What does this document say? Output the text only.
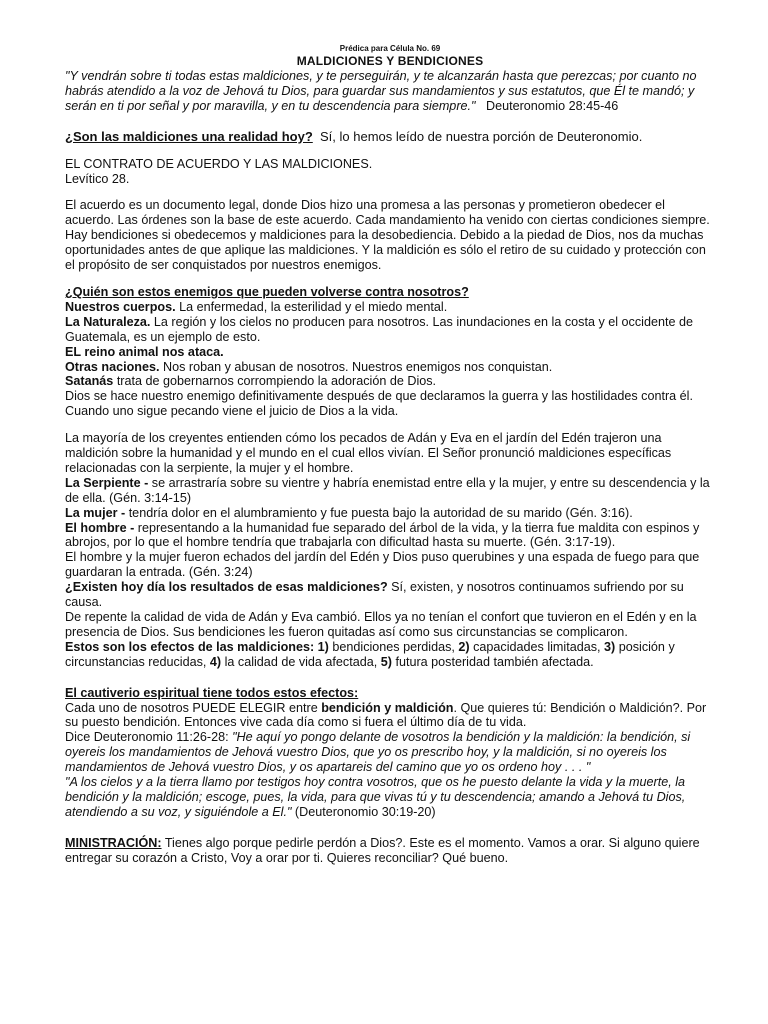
Prédica para Célula No. 69
MALDICIONES Y BENDICIONES

"Y vendrán sobre ti todas estas maldiciones, y te perseguirán, y te alcanzarán hasta que perezcas; por cuanto no habrás atendido a la voz de Jehová tu Dios, para guardar sus mandamientos y sus estatutos, que Él te mandó; y serán en ti por señal y por maravilla, y en tu descendencia para siempre." Deuteronomio 28:45-46

¿Son las maldiciones una realidad hoy? Sí, lo hemos leído de nuestra porción de Deuteronomio.

EL CONTRATO DE ACUERDO Y LAS MALDICIONES.

Levítico 28.

El acuerdo es un documento legal, donde Dios hizo una promesa a las personas y prometieron obedecer el acuerdo. Las órdenes son la base de este acuerdo. Cada mandamiento ha venido con ciertas condiciones siempre. Hay bendiciones si obedecemos y maldiciones para la desobediencia. Debido a la piedad de Dios, nos da muchas oportunidades antes de que aplique las maldiciones. Y la maldición es sólo el retiro de su cuidado y protección con el propósito de ser conquistados por nuestros enemigos.

¿Quién son estos enemigos que pueden volverse contra nosotros?

Nuestros cuerpos. La enfermedad, la esterilidad y el miedo mental.

La Naturaleza. La región y los cielos no producen para nosotros. Las inundaciones en la costa y el occidente de Guatemala, es un ejemplo de esto.

EL reino animal nos ataca.

Otras naciones. Nos roban y abusan de nosotros. Nuestros enemigos nos conquistan.

Satanás trata de gobernarnos corrompiendo la adoración de Dios.

Dios se hace nuestro enemigo definitivamente después de que declaramos la guerra y las hostilidades contra él. Cuando uno sigue pecando viene el juicio de Dios a la vida.

La mayoría de los creyentes entienden cómo los pecados de Adán y Eva en el jardín del Edén trajeron una maldición sobre la humanidad y el mundo en el cual ellos vivían. El Señor pronunció maldiciones específicas relacionadas con la serpiente, la mujer y el hombre.

La Serpiente - se arrastraría sobre su vientre y habría enemistad entre ella y la mujer, y entre su descendencia y la de ella. (Gén. 3:14-15)

La mujer - tendría dolor en el alumbramiento y fue puesta bajo la autoridad de su marido (Gén. 3:16).

El hombre - representando a la humanidad fue separado del árbol de la vida, y la tierra fue maldita con espinos y abrojos, por lo que el hombre tendría que trabajarla con dificultad hasta su muerte. (Gén. 3:17-19).

El hombre y la mujer fueron echados del jardín del Edén y Dios puso querubines y una espada de fuego para que guardaran la entrada. (Gén. 3:24)

¿Existen hoy día los resultados de esas maldiciones? Sí, existen, y nosotros continuamos sufriendo por su causa.

De repente la calidad de vida de Adán y Eva cambió. Ellos ya no tenían el confort que tuvieron en el Edén y en la presencia de Dios. Sus bendiciones les fueron quitadas así como sus circunstancias se complicaron.

Estos son los efectos de las maldiciones: 1) bendiciones perdidas, 2) capacidades limitadas, 3) posición y circunstancias reducidas, 4) la calidad de vida afectada, 5) futura posteridad también afectada.

El cautiverio espiritual tiene todos estos efectos:

Cada uno de nosotros PUEDE ELEGIR entre bendición y maldición. Que quieres tú: Bendición o Maldición?. Por su puesto bendición. Entonces vive cada día como si fuera el último día de tu vida.

Dice Deuteronomio 11:26-28: "He aquí yo pongo delante de vosotros la bendición y la maldición: la bendición, si oyereis los mandamientos de Jehová vuestro Dios, que yo os prescribo hoy, y la maldición, si no oyereis los mandamientos de Jehová vuestro Dios, y os apartareis del camino que yo os ordeno hoy . . . "

"A los cielos y a la tierra llamo por testigos hoy contra vosotros, que os he puesto delante la vida y la muerte, la bendición y la maldición; escoge, pues, la vida, para que vivas tú y tu descendencia; amando a Jehová tu Dios, atendiendo a su voz, y siguiéndole a El." (Deuteronomio 30:19-20)

MINISTRACIÓN: Tienes algo porque pedirle perdón a Dios?. Este es el momento. Vamos a orar. Si alguno quiere entregar su corazón a Cristo, Voy a orar por ti. Quieres reconciliar? Qué bueno.
